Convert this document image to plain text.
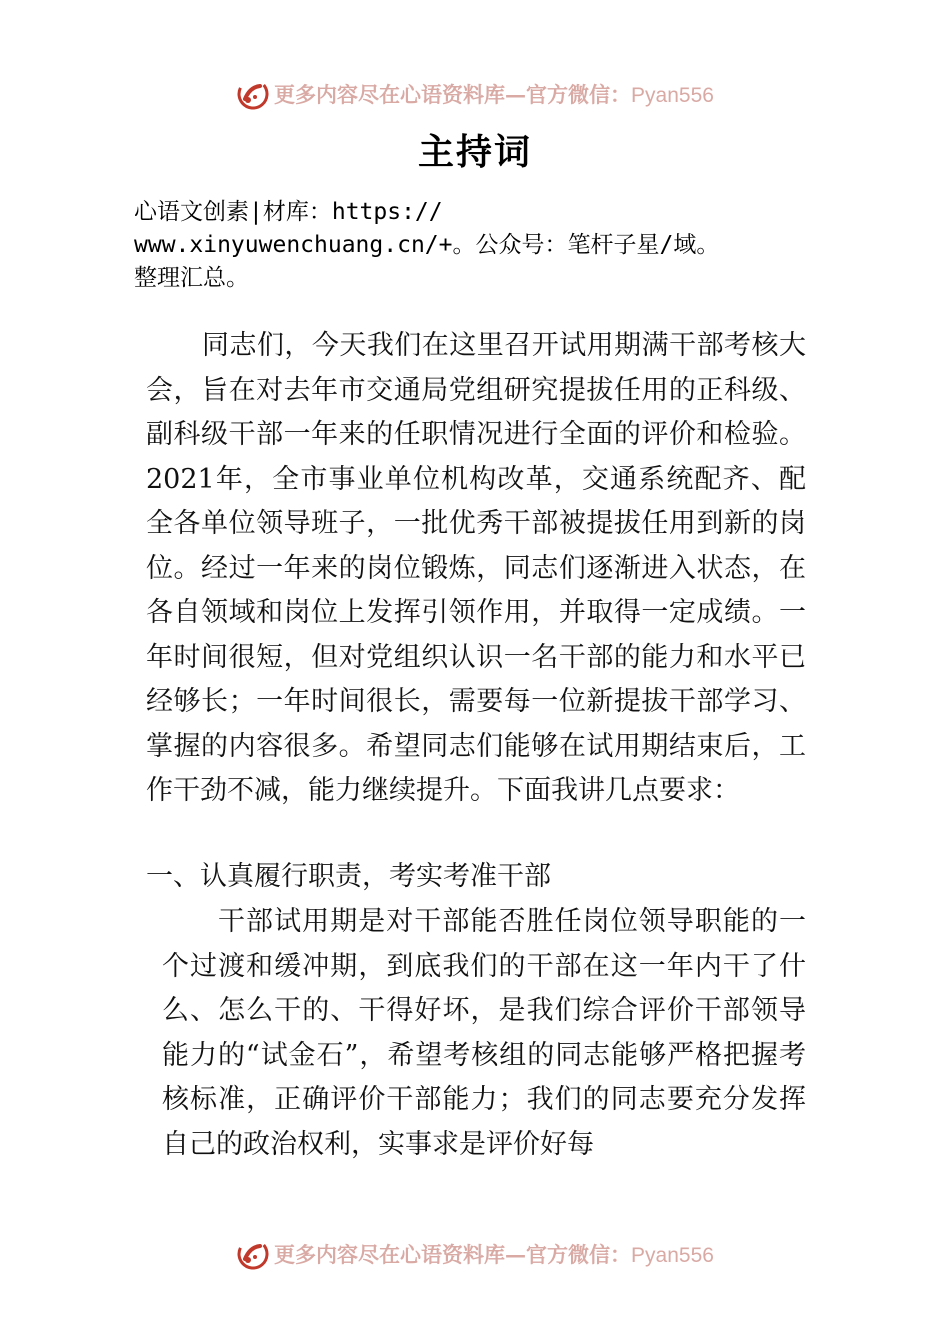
更多内容尽在心语资料库—官方微信：Pyan556
主持词

心语文创素|材库：https://
www.xinyuwenchuang.cn/+。公众号：笔杆子星/域。
整理汇总。

同志们，今天我们在这里召开试用期满干部考核大会，旨在对去年市交通局党组研究提拔任用的正科级、副科级干部一年来的任职情况进行全面的评价和检验。2021年，全市事业单位机构改革，交通系统配齐、配全各单位领导班子，一批优秀干部被提拔任用到新的岗位。经过一年来的岗位锻炼，同志们逐渐进入状态，在各自领域和岗位上发挥引领作用，并取得一定成绩。一年时间很短，但对党组织认识一名干部的能力和水平已经够长；一年时间很长，需要每一位新提拔干部学习、掌握的内容很多。希望同志们能够在试用期结束后，工作干劲不减，能力继续提升。下面我讲几点要求：

一、认真履行职责，考实考准干部

干部试用期是对干部能否胜任岗位领导职能的一个过渡和缓冲期，到底我们的干部在这一年内干了什么、怎么干的、干得好坏，是我们综合评价干部领导能力的“试金石”，希望考核组的同志能够严格把握考核标准，正确评价干部能力；我们的同志要充分发挥自己的政治权利，实事求是评价好每

更多内容尽在心语资料库—官方微信：Pyan556
